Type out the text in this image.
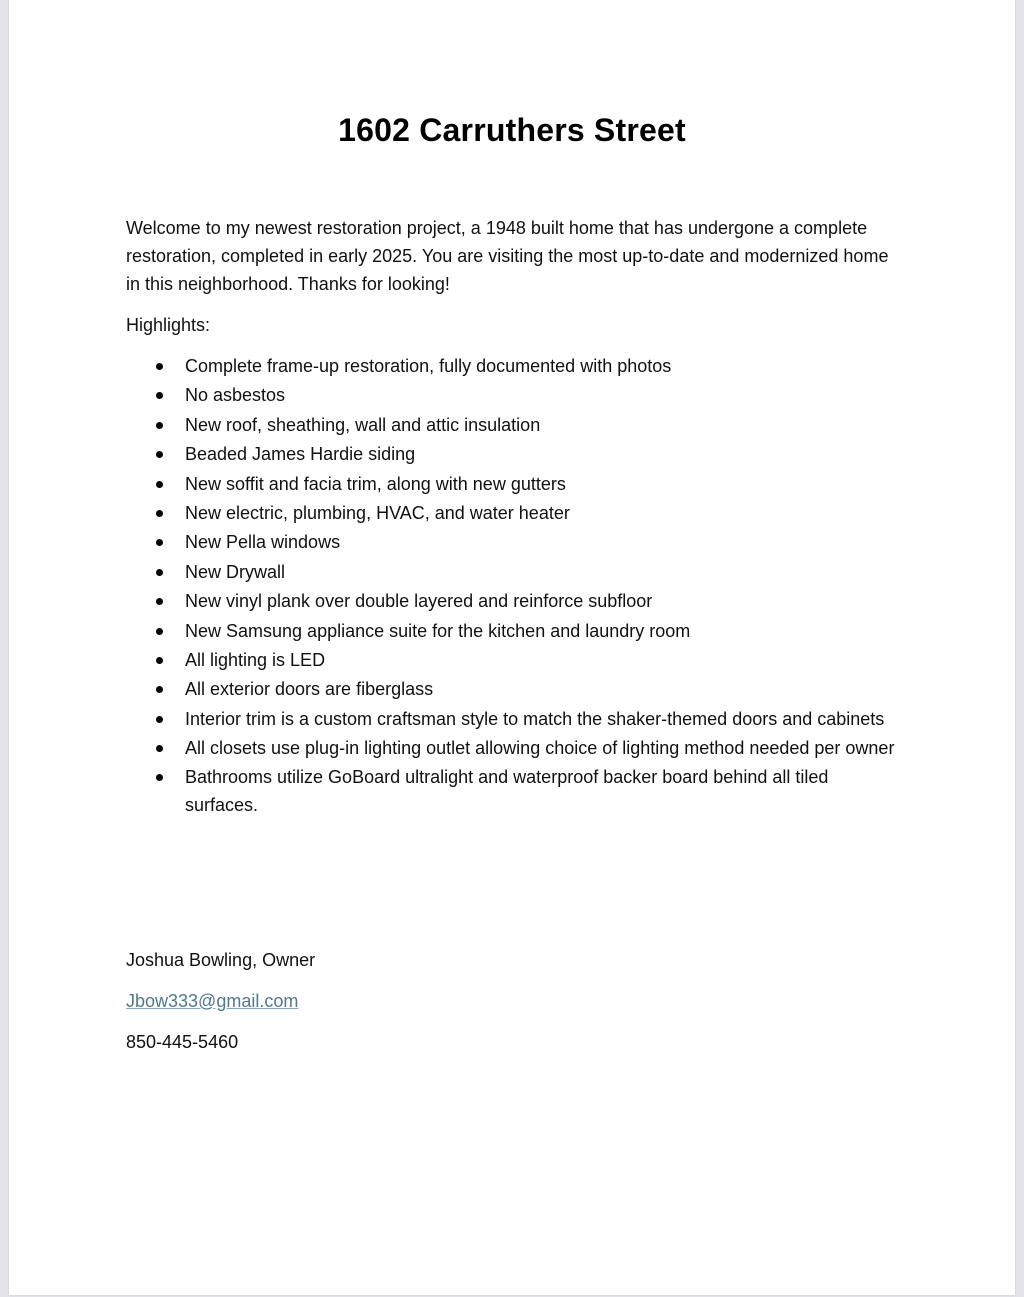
1602 Carruthers Street

Welcome to my newest restoration project, a 1948 built home that has undergone a complete restoration, completed in early 2025. You are visiting the most up-to-date and modernized home in this neighborhood. Thanks for looking!

Highlights:

Complete frame-up restoration, fully documented with photos
No asbestos
New roof, sheathing, wall and attic insulation
Beaded James Hardie siding
New soffit and facia trim, along with new gutters
New electric, plumbing, HVAC, and water heater
New Pella windows
New Drywall
New vinyl plank over double layered and reinforce subfloor
New Samsung appliance suite for the kitchen and laundry room
All lighting is LED
All exterior doors are fiberglass
Interior trim is a custom craftsman style to match the shaker-themed doors and cabinets
All closets use plug-in lighting outlet allowing choice of lighting method needed per owner
Bathrooms utilize GoBoard ultralight and waterproof backer board behind all tiled surfaces.

Joshua Bowling, Owner

Jbow333@gmail.com

850-445-5460
